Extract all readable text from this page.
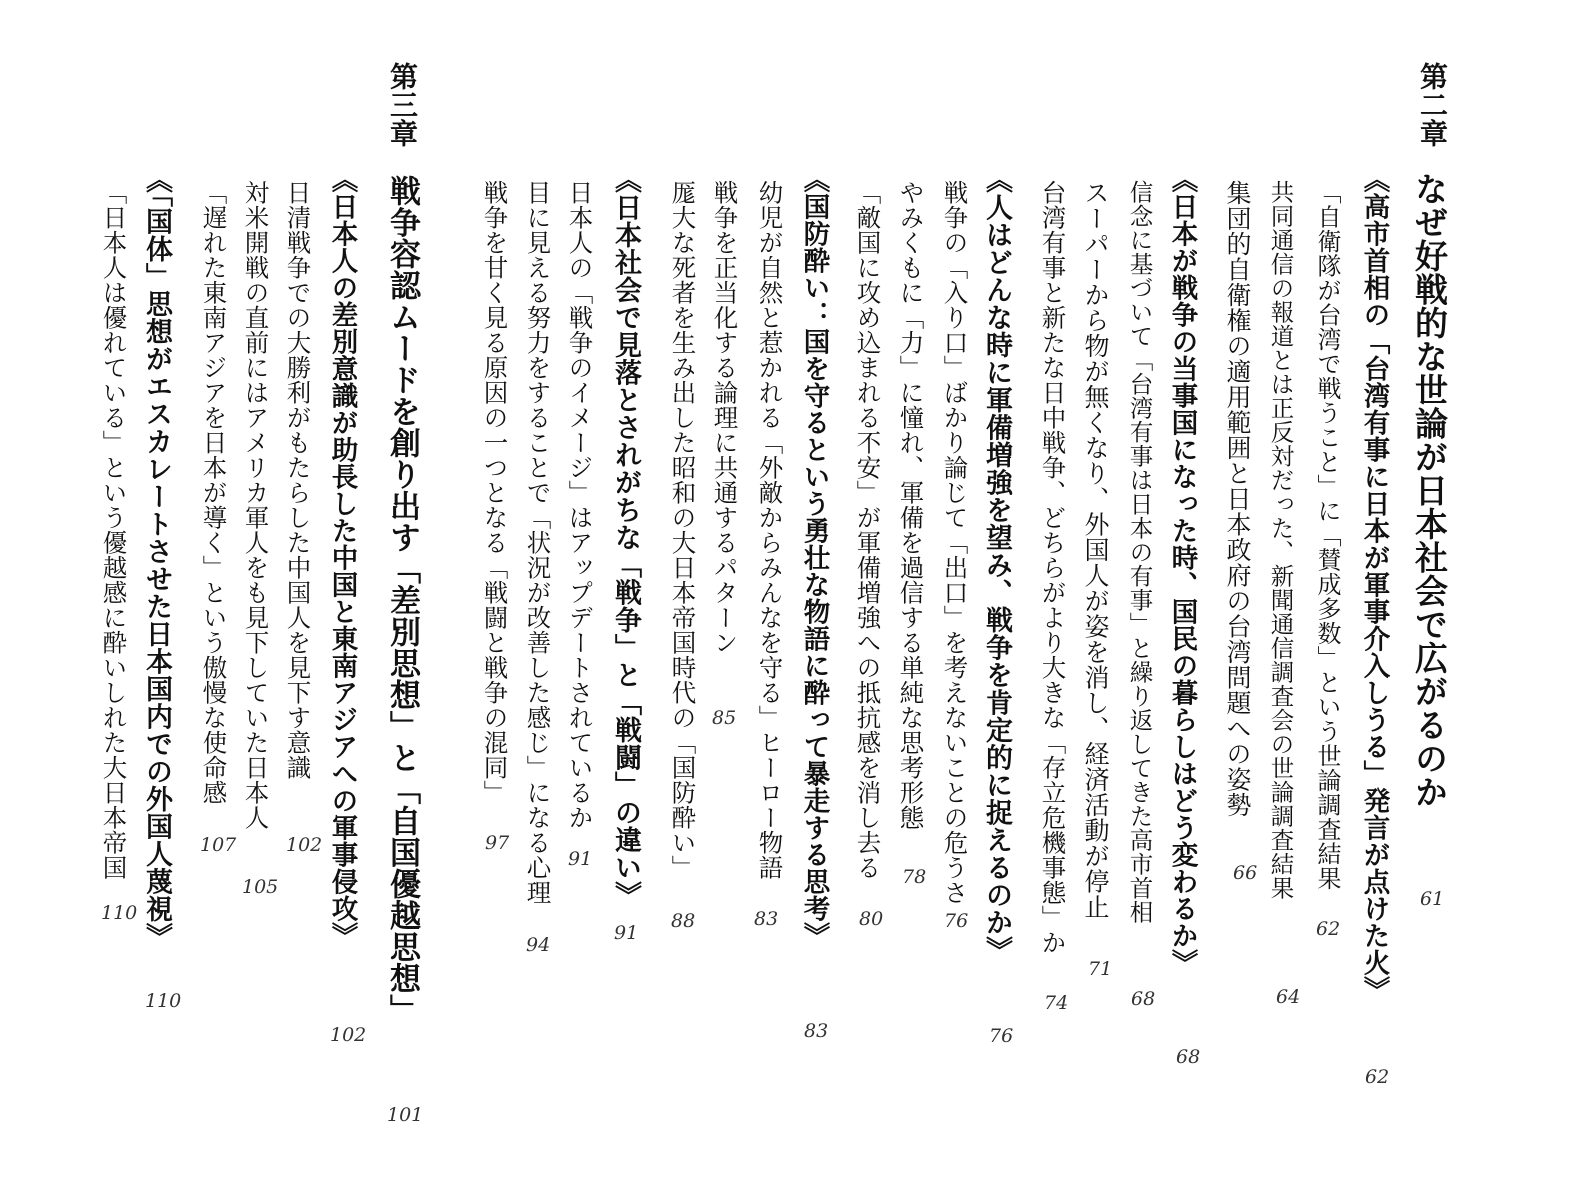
第二章
なぜ好戦的な世論が日本社会で広がるのか
61
《高市首相の「台湾有事に日本が軍事介入しうる」発言が点けた火》
62
「自衛隊が台湾で戦うこと」に「賛成多数」という世論調査結果
62
共同通信の報道とは正反対だった、新聞通信調査会の世論調査結果
64
集団的自衛権の適用範囲と日本政府の台湾問題への姿勢
66
《日本が戦争の当事国になった時、国民の暮らしはどう変わるか》
68
信念に基づいて「台湾有事は日本の有事」と繰り返してきた高市首相
68
スーパーから物が無くなり、外国人が姿を消し、経済活動が停止
71
台湾有事と新たな日中戦争、どちらがより大きな「存立危機事態」か
74
《人はどんな時に軍備増強を望み、戦争を肯定的に捉えるのか》
76
戦争の「入り口」ばかり論じて「出口」を考えないことの危うさ
76
やみくもに「力」に憧れ、軍備を過信する単純な思考形態
78
「敵国に攻め込まれる不安」が軍備増強への抵抗感を消し去る
80
《国防酔い：国を守るという勇壮な物語に酔って暴走する思考》
83
幼児が自然と惹かれる「外敵からみんなを守る」ヒーロー物語
83
戦争を正当化する論理に共通するパターン
85
厖大な死者を生み出した昭和の大日本帝国時代の「国防酔い」
88
《日本社会で見落とされがちな「戦争」と「戦闘」の違い》
91
日本人の「戦争のイメージ」はアップデートされているか
91
目に見える努力をすることで「状況が改善した感じ」になる心理
94
戦争を甘く見る原因の一つとなる「戦闘と戦争の混同」
97
第三章
戦争容認ムードを創り出す「差別思想」と「自国優越思想」
101
《日本人の差別意識が助長した中国と東南アジアへの軍事侵攻》
102
日清戦争での大勝利がもたらした中国人を見下す意識
102
対米開戦の直前にはアメリカ軍人をも見下していた日本人
105
「遅れた東南アジアを日本が導く」という傲慢な使命感
107
《「国体」思想がエスカレートさせた日本国内での外国人蔑視》
110
「日本人は優れている」という優越感に酔いしれた大日本帝国
110
